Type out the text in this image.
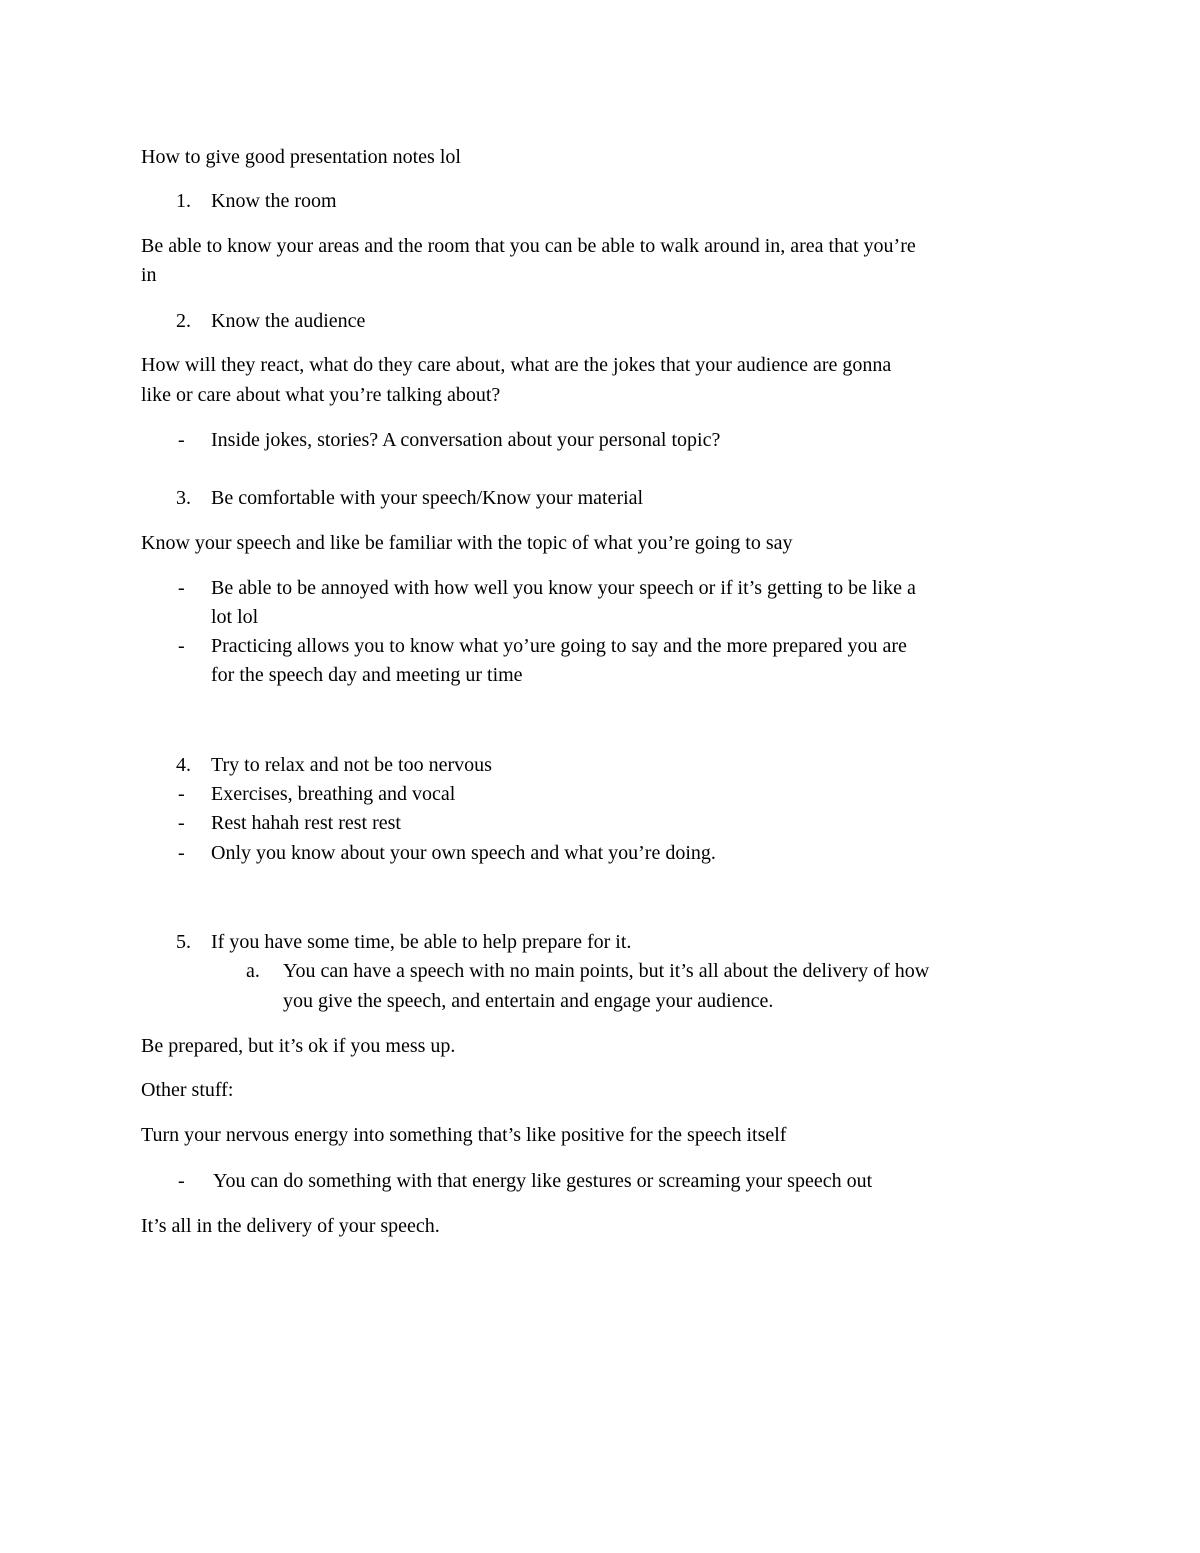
How to give good presentation notes lol
1. Know the room
Be able to know your areas and the room that you can be able to walk around in, area that you’re
in
2. Know the audience
How will they react, what do they care about, what are the jokes that your audience are gonna
like or care about what you’re talking about?
- Inside jokes, stories? A conversation about your personal topic?
3. Be comfortable with your speech/Know your material
Know your speech and like be familiar with the topic of what you’re going to say
- Be able to be annoyed with how well you know your speech or if it’s getting to be like a
lot lol
- Practicing allows you to know what yo’ure going to say and the more prepared you are
for the speech day and meeting ur time
4. Try to relax and not be too nervous
- Exercises, breathing and vocal
- Rest hahah rest rest rest
- Only you know about your own speech and what you’re doing.
5. If you have some time, be able to help prepare for it.
a. You can have a speech with no main points, but it’s all about the delivery of how
you give the speech, and entertain and engage your audience.
Be prepared, but it’s ok if you mess up.
Other stuff:
Turn your nervous energy into something that’s like positive for the speech itself
- You can do something with that energy like gestures or screaming your speech out
It’s all in the delivery of your speech.
